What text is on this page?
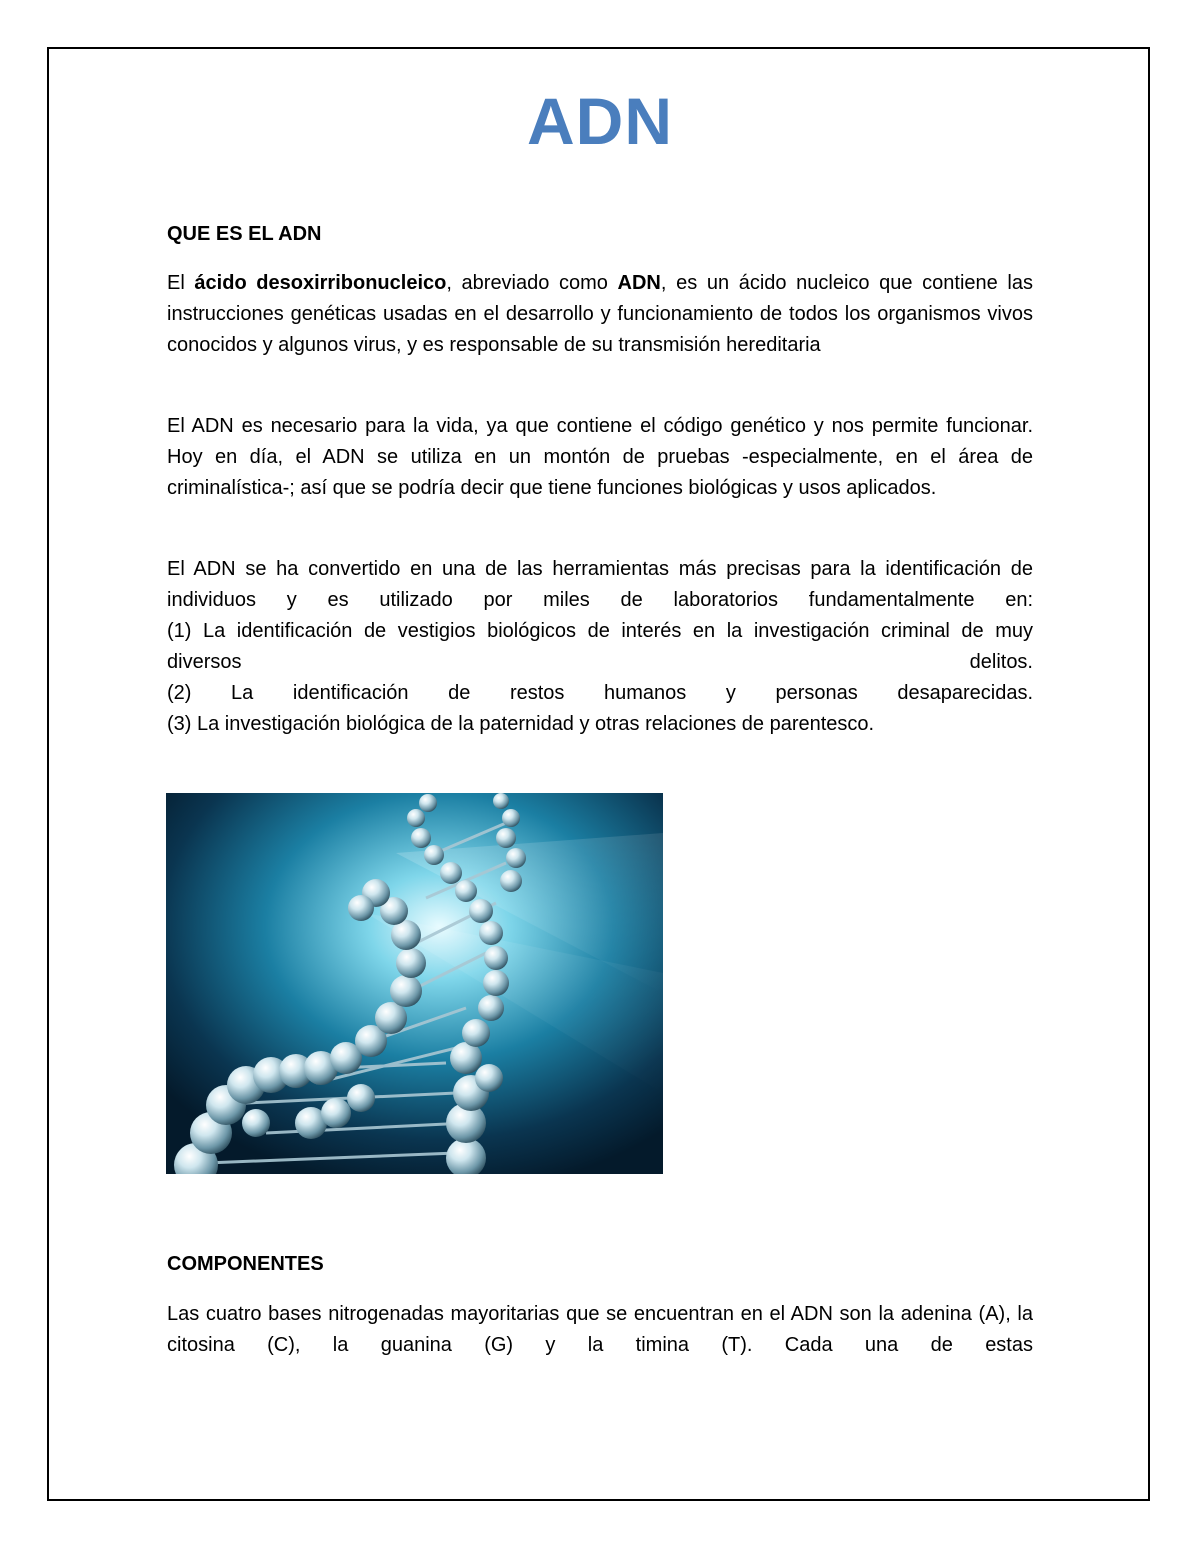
ADN
QUE ES EL ADN

El ácido desoxirribonucleico, abreviado como ADN, es un ácido nucleico que contiene las instrucciones genéticas usadas en el desarrollo y funcionamiento de todos los organismos vivos conocidos y algunos virus, y es responsable de su transmisión hereditaria

El ADN es necesario para la vida, ya que contiene el código genético y nos permite funcionar. Hoy en día, el ADN se utiliza en un montón de pruebas -especialmente, en el área de criminalística-; así que se podría decir que tiene funciones biológicas y usos aplicados.

El ADN se ha convertido en una de las herramientas más precisas para la identificación de individuos y es utilizado por miles de laboratorios fundamentalmente en:

(1) La identificación de vestigios biológicos de interés en la investigación criminal de muy diversos delitos.
(2) La identificación de restos humanos y personas desaparecidas.
(3) La investigación biológica de la paternidad y otras relaciones de parentesco.
COMPONENTES

Las cuatro bases nitrogenadas mayoritarias que se encuentran en el ADN son la adenina (A), la citosina (C), la guanina (G) y la timina (T). Cada una de estas
